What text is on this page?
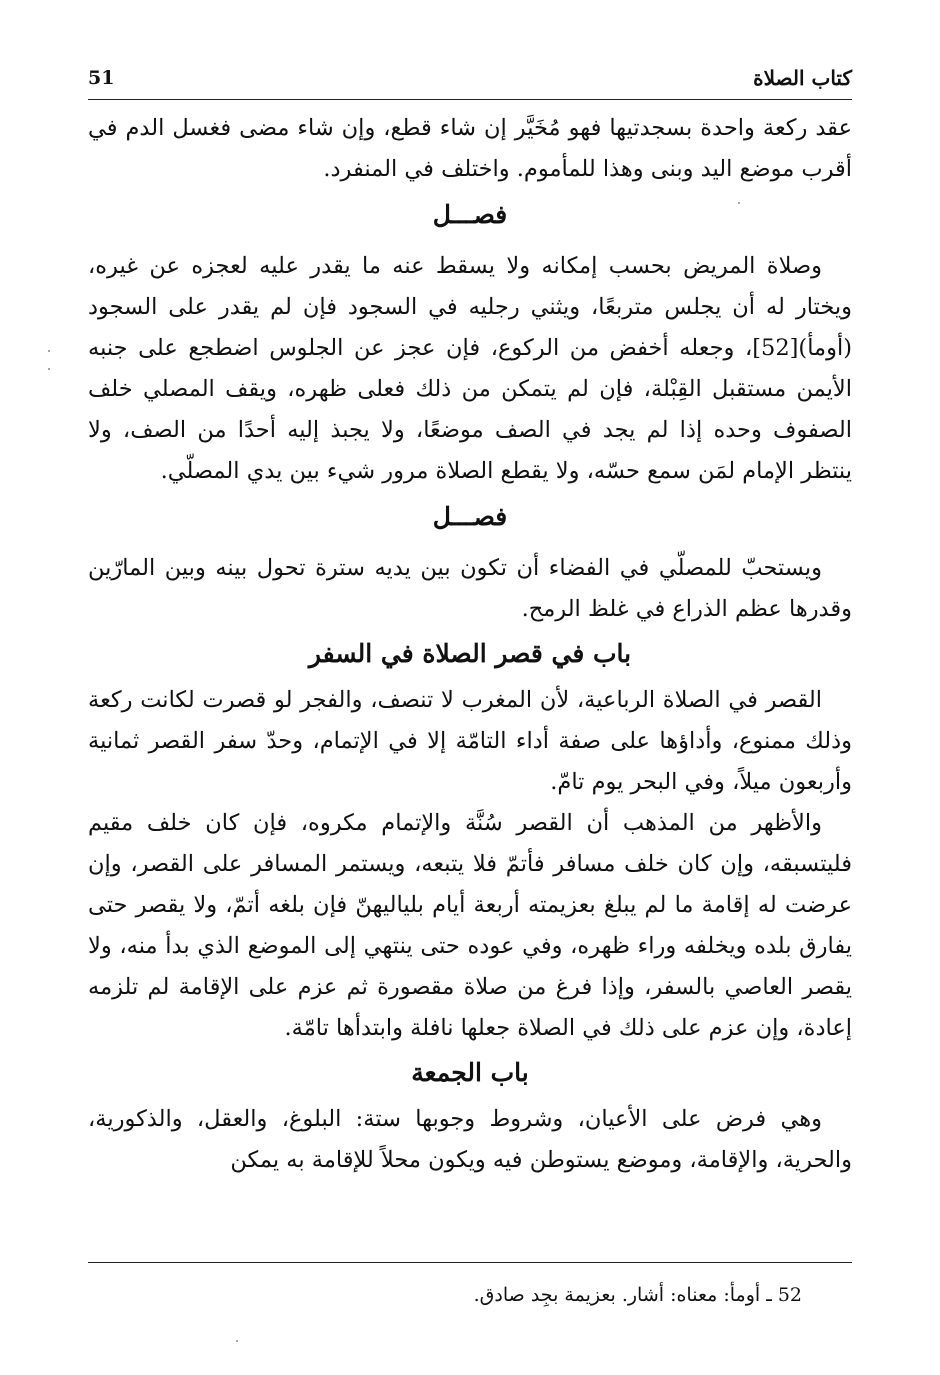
51	كتاب الصلاة

عقد ركعة واحدة بسجدتيها فهو مُخَيَّر إن شاء قطع، وإن شاء مضى فغسل الدم في أقرب موضع اليد وبنى وهذا للمأموم. واختلف في المنفرد.

فصـــل

وصلاة المريض بحسب إمكانه ولا يسقط عنه ما يقدر عليه لعجزه عن غيره، ويختار له أن يجلس متربعًا، ويثني رجليه في السجود فإن لم يقدر على السجود (أومأ)[52]، وجعله أخفض من الركوع، فإن عجز عن الجلوس اضطجع على جنبه الأيمن مستقبل القِبْلة، فإن لم يتمكن من ذلك فعلى ظهره، ويقف المصلي خلف الصفوف وحده إذا لم يجد في الصف موضعًا، ولا يجبذ إليه أحدًا من الصف، ولا ينتظر الإمام لمَن سمع حسّه، ولا يقطع الصلاة مرور شيء بين يدي المصلّي.

فصـــل

ويستحبّ للمصلّي في الفضاء أن تكون بين يديه سترة تحول بينه وبين المارّين وقدرها عظم الذراع في غلظ الرمح.

باب في قصر الصلاة في السفر

القصر في الصلاة الرباعية، لأن المغرب لا تنصف، والفجر لو قصرت لكانت ركعة وذلك ممنوع، وأداؤها على صفة أداء التامّة إلا في الإتمام، وحدّ سفر القصر ثمانية وأربعون ميلاً، وفي البحر يوم تامّ.

والأظهر من المذهب أن القصر سُنَّة والإتمام مكروه، فإن كان خلف مقيم فليتسبقه، وإن كان خلف مسافر فأتمّ فلا يتبعه، ويستمر المسافر على القصر، وإن عرضت له إقامة ما لم يبلغ بعزيمته أربعة أيام بلياليهنّ فإن بلغه أتمّ، ولا يقصر حتى يفارق بلده ويخلفه وراء ظهره، وفي عوده حتى ينتهي إلى الموضع الذي بدأ منه، ولا يقصر العاصي بالسفر، وإذا فرغ من صلاة مقصورة ثم عزم على الإقامة لم تلزمه إعادة، وإن عزم على ذلك في الصلاة جعلها نافلة وابتدأها تامّة.

باب الجمعة

وهي فرض على الأعيان، وشروط وجوبها ستة: البلوغ، والعقل، والذكورية، والحرية، والإقامة، وموضع يستوطن فيه ويكون محلاً للإقامة به يمكن

52 ـ أومأ: معناه: أشار. بعزيمة بجِد صادق.
